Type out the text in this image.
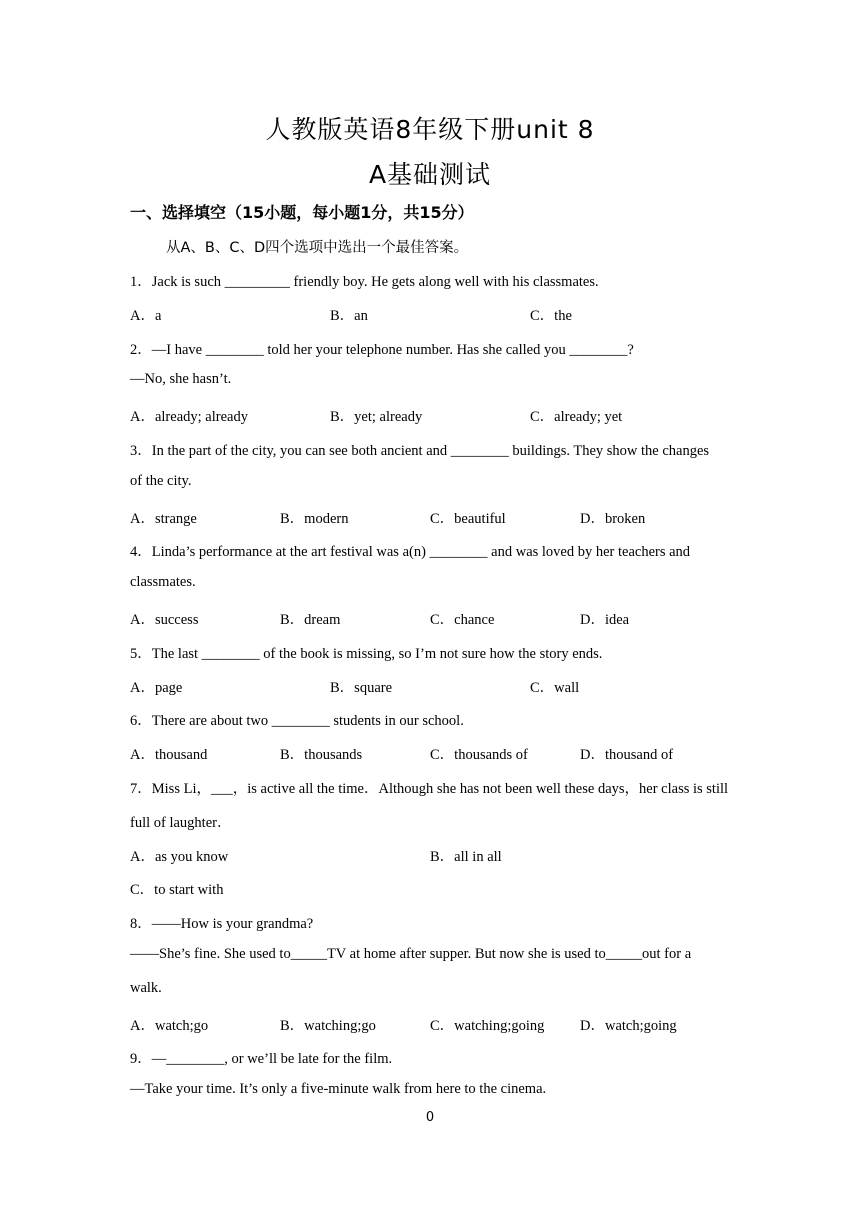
人教版英语8年级下册unit 8
A基础测试
一、选择填空（15小题，每小题1分，共15分）
从A、B、C、D四个选项中选出一个最佳答案。
1．Jack is such _________ friendly boy. He gets along well with his classmates.
A．a	B．an	C．the
2．—I have ________ told her your telephone number. Has she called you ________?
—No, she hasn’t.
A．already; already	B．yet; already	C．already; yet
3．In the part of the city, you can see both ancient and ________ buildings. They show the changes
of the city.
A．strange	B．modern	C．beautiful	D．broken
4．Linda’s performance at the art festival was a(n) ________ and was loved by her teachers and
classmates.
A．success	B．dream	C．chance	D．idea
5．The last ________ of the book is missing, so I’m not sure how the story ends.
A．page	B．square	C．wall
6．There are about two ________ students in our school.
A．thousand	B．thousands	C．thousands of	D．thousand of
7．Miss Li，___，is active all the time．Although she has not been well these days，her class is still
full of laughter．
A．as you know	B．all in all
C．to start with
8．——How is your grandma?
——She’s fine. She used to_____TV at home after supper. But now she is used to_____out for a
walk.
A．watch;go	B．watching;go	C．watching;going D．watch;going
9．—________, or we’ll be late for the film.
—Take your time. It’s only a five-minute walk from here to the cinema.
0
